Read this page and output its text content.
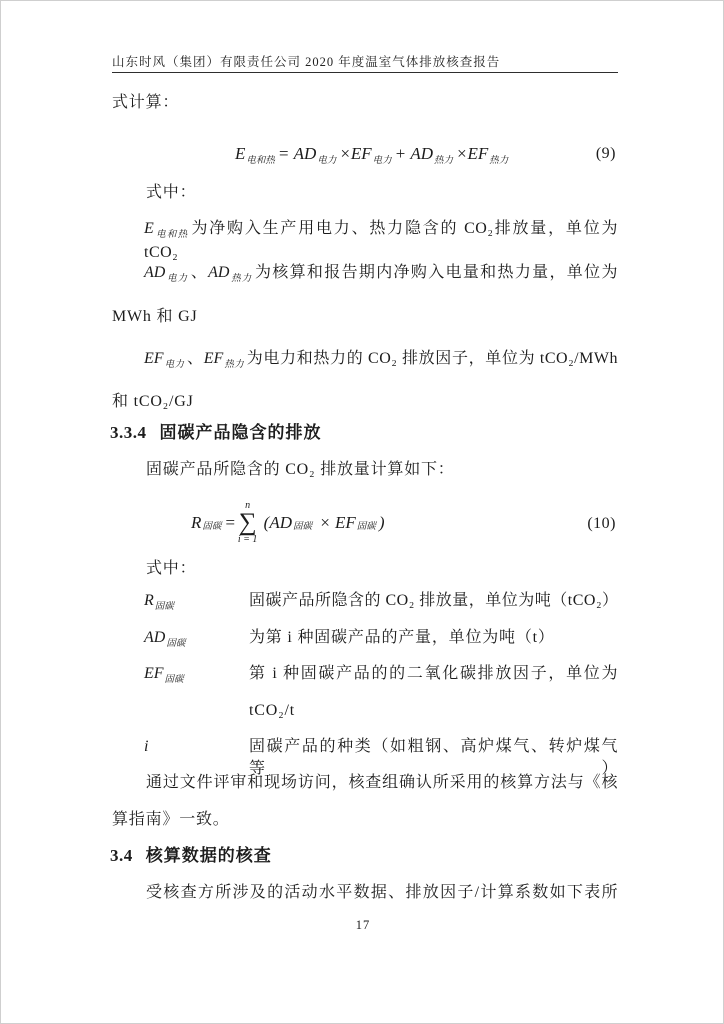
山东时风（集团）有限责任公司 2020 年度温室气体排放核查报告
式计算：
$E_{电和热} = AD_{电力} \times EF_{电力} + AD_{热力} \times EF_{热力}$	(9)
式中：
$E_{电和热}$ 为净购入生产用电力、热力隐含的 CO₂排放量，单位为 tCO₂
$AD_{电力}$ 、$AD_{热力}$ 为核算和报告期内净购入电量和热力量，单位为
MWh 和 GJ
$EF_{电力}$ 、$EF_{热力}$ 为电力和热力的 CO₂ 排放因子，单位为 tCO₂/MWh
和 tCO₂/GJ
3.3.4 固碳产品隐含的排放
固碳产品所隐含的 CO₂ 排放量计算如下：
R 固碳 =
n
∑
i = 1

( AD 固碳
×
EF 固碳 )	(10)
式中：
$R_{固碳}$	固碳产品所隐含的 CO₂ 排放量，单位为吨（tCO₂）
$AD_{固碳}$	为第 i 种固碳产品的产量，单位为吨（t）
$EF_{固碳}$	第 i 种固碳产品的的二氧化碳排放因子，单位为
tCO₂/t
i	固碳产品的种类（如粗钢、高炉煤气、转炉煤气等）
通过文件评审和现场访问，核查组确认所采用的核算方法与《核
算指南》一致。
3.4 核算数据的核查
受核查方所涉及的活动水平数据、排放因子/计算系数如下表所
17
